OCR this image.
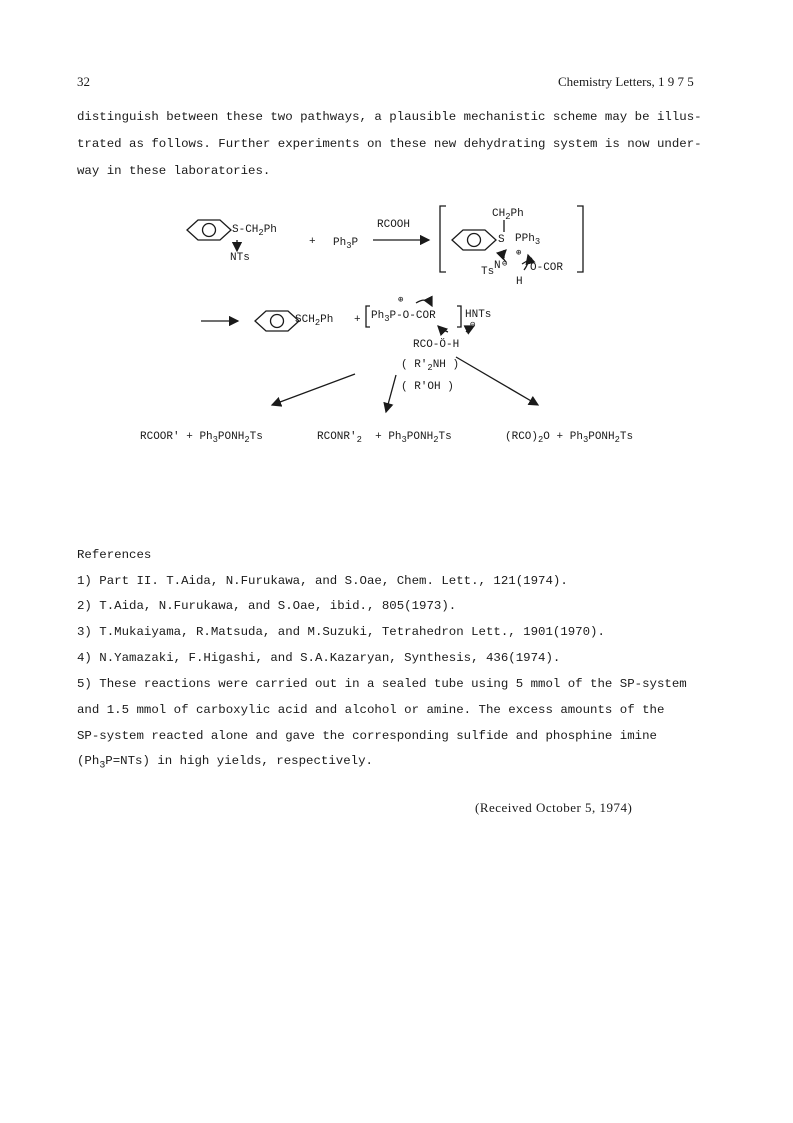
32	Chemistry Letters, 1 9 7 5
distinguish between these two pathways, a plausible mechanistic scheme may be illus-
trated as follows. Further experiments on these new dehydrating system is now under-
way in these laboratories.
$S-CH_2Ph$
NTs
+ $Ph_3P$
RCOOH
$CH_2Ph$
S PPh$_3$
⊕
Ts N ⊖
H
O-COR
$SCH_2Ph + Ph_3P-O-COR$
⊕
HNTs
⊖
RCO-Ö-H
( $R'_2NH$ )
( R'OH )
RCOOR' + $Ph_3PONH_2Ts$	$RCONR'_2$ + $Ph_3PONH_2Ts$	$(RCO)_2O$ + $Ph_3PONH_2Ts$
References
1) Part II. T.Aida, N.Furukawa, and S.Oae, Chem. Lett., 121(1974).
2) T.Aida, N.Furukawa, and S.Oae, ibid., 805(1973).
3) T.Mukaiyama, R.Matsuda, and M.Suzuki, Tetrahedron Lett., 1901(1970).
4) N.Yamazaki, F.Higashi, and S.A.Kazaryan, Synthesis, 436(1974).
5) These reactions were carried out in a sealed tube using 5 mmol of the SP-system
and 1.5 mmol of carboxylic acid and alcohol or amine. The excess amounts of the
SP-system reacted alone and gave the corresponding sulfide and phosphine imine
$(Ph_3P=NTs)$ in high yields, respectively.
(Received October 5, 1974)
